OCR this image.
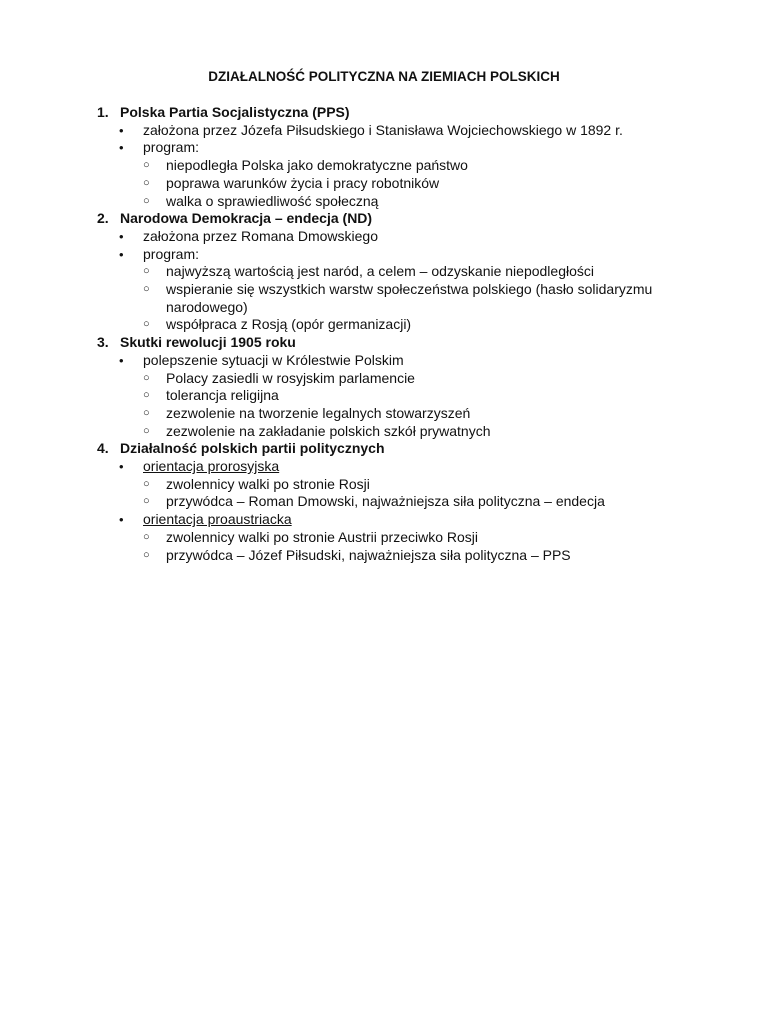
DZIAŁALNOŚĆ POLITYCZNA NA ZIEMIACH POLSKICH
1. Polska Partia Socjalistyczna (PPS)
•	założona przez Józefa Piłsudskiego i Stanisława Wojciechowskiego w 1892 r.
•	program:
○	niepodległa Polska jako demokratyczne państwo
○	poprawa warunków życia i pracy robotników
○	walka o sprawiedliwość społeczną
2. Narodowa Demokracja – endecja (ND)
•	założona przez Romana Dmowskiego
•	program:
○	najwyższą wartością jest naród, a celem – odzyskanie niepodległości
○	wspieranie się wszystkich warstw społeczeństwa polskiego (hasło solidaryzmu narodowego)
○	współpraca z Rosją (opór germanizacji)
3. Skutki rewolucji 1905 roku
•	polepszenie sytuacji w Królestwie Polskim
○	Polacy zasiedli w rosyjskim parlamencie
○	tolerancja religijna
○	zezwolenie na tworzenie legalnych stowarzyszeń
○	zezwolenie na zakładanie polskich szkół prywatnych
4. Działalność polskich partii politycznych
•	orientacja prorosyjska
○	zwolennicy walki po stronie Rosji
○	przywódca – Roman Dmowski, najważniejsza siła polityczna – endecja
•	orientacja proaustriacka
○	zwolennicy walki po stronie Austrii przeciwko Rosji
○	przywódca – Józef Piłsudski, najważniejsza siła polityczna – PPS
